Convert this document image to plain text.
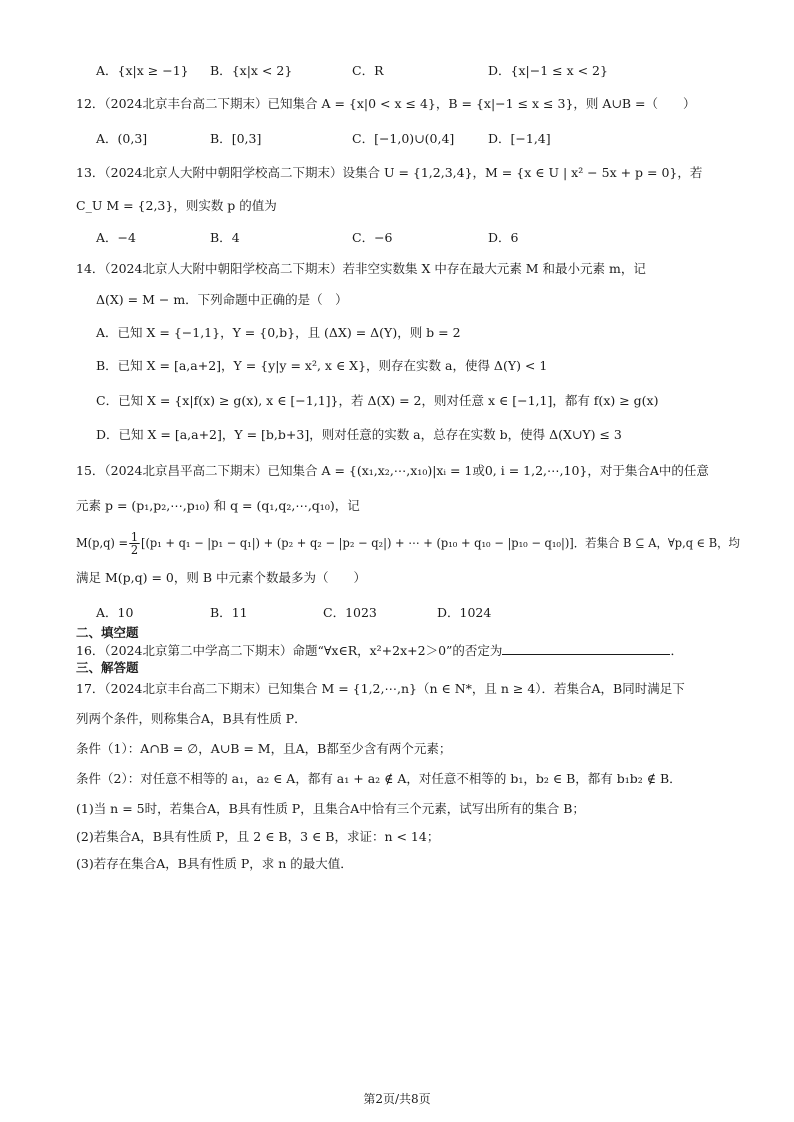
A．{x|x ≥ −1} B．{x|x < 2}	C．R	D．{x|−1 ≤ x < 2}
12．（2024北京丰台高二下期末）已知集合 A = {x|0 < x ≤ 4}，B = {x|−1 ≤ x ≤ 3}，则 A∪B =（　　）
A．(0,3]	B．[0,3]	C．[−1,0)∪(0,4]	D．[−1,4]
13．（2024北京人大附中朝阳学校高二下期末）设集合 U = {1,2,3,4}，M = {x ∈ U | x² − 5x + p = 0}，若
C_U M = {2,3}，则实数 p 的值为
A．−4	B．4	C．−6	D．6
14．（2024北京人大附中朝阳学校高二下期末）若非空实数集 X 中存在最大元素 M 和最小元素 m，记
Δ(X) = M − m．下列命题中正确的是（　）
A．已知 X = {−1,1}，Y = {0,b}，且 (ΔX) = Δ(Y)，则 b = 2
B．已知 X = [a,a+2]，Y = {y|y = x², x ∈ X}，则存在实数 a，使得 Δ(Y) < 1
C．已知 X = {x|f(x) ≥ g(x), x ∈ [−1,1]}，若 Δ(X) = 2，则对任意 x ∈ [−1,1]，都有 f(x) ≥ g(x)
D．已知 X = [a,a+2]，Y = [b,b+3]，则对任意的实数 a，总存在实数 b，使得 Δ(X∪Y) ≤ 3
15．（2024北京昌平高二下期末）已知集合 A = {(x₁,x₂,⋯,x₁₀)|xᵢ = 1或0, i = 1,2,⋯,10}，对于集合A中的任意
元素 p = (p₁,p₂,⋯,p₁₀) 和 q = (q₁,q₂,⋯,q₁₀)，记
$M(p,q) = \frac{1}{2} [(p_1 + q_1 - |p_1 - q_1|) + (p_2 + q_2 - |p_2 - q_2|)$ + ⋯ + (p₁₀ + q₁₀ − |p₁₀ − q₁₀|)]．若集合 B ⊆ A，∀p,q ∈ B，均
满足 M(p,q) = 0，则 B 中元素个数最多为（　　）
A．10	B．11	C．1023	D．1024
二、填空题
16．（2024北京第二中学高二下期末）命题“∀x∈R，x²+2x+2＞0”的否定为	．
三、解答题
17．（2024北京丰台高二下期末）已知集合 M = {1,2,⋯,n}（n ∈ N*，且 n ≥ 4）．若集合A，B同时满足下
列两个条件，则称集合A，B具有性质 P．
条件（1）：A∩B = ∅，A∪B = M，且A，B都至少含有两个元素；
条件（2）：对任意不相等的 a₁，a₂ ∈ A，都有 a₁ + a₂ ∉ A，对任意不相等的 b₁，b₂ ∈ B，都有 b₁b₂ ∉ B．
(1)当 n = 5时，若集合A，B具有性质 P，且集合A中恰有三个元素，试写出所有的集合 B；
(2)若集合A，B具有性质 P，且 2 ∈ B，3 ∈ B，求证：n < 14；
(3)若存在集合A，B具有性质 P，求 n 的最大值．
第2页/共8页
